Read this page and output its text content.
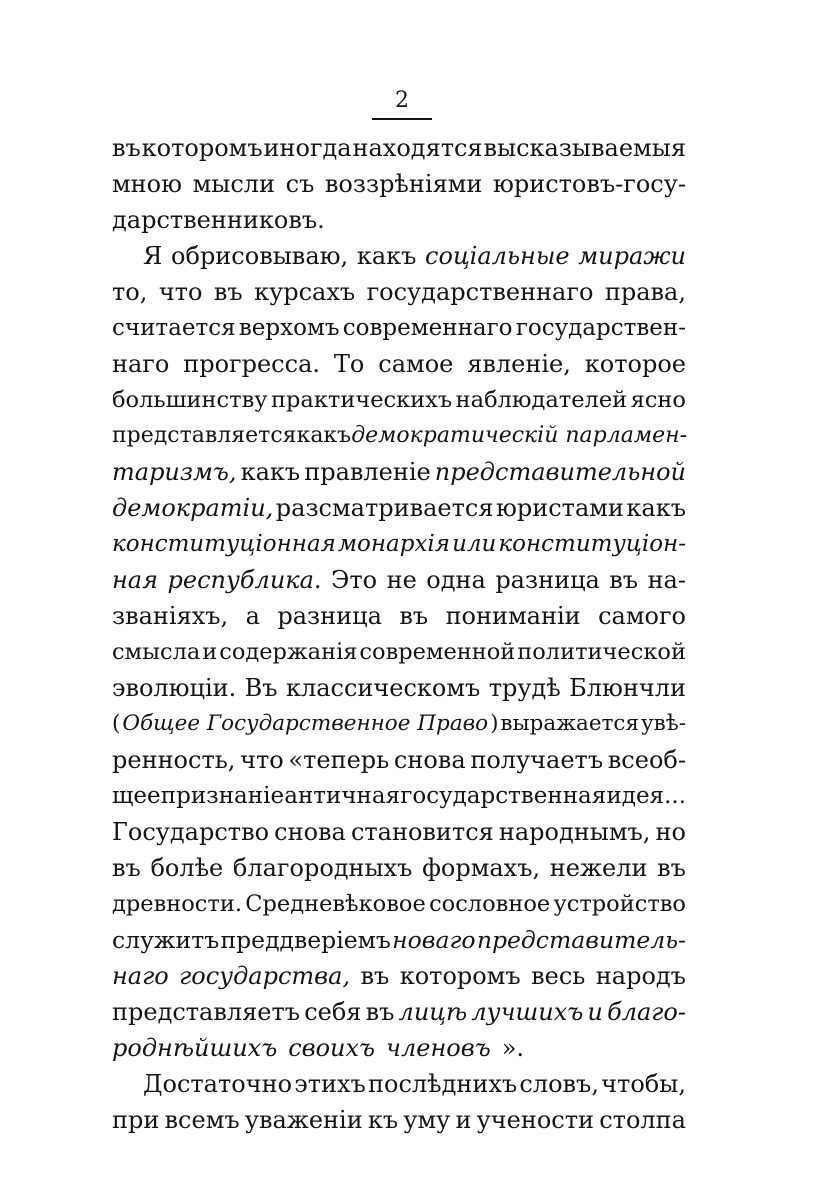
2
въ которомъ иногда находятся высказываемыя
мною мысли съ воззрѣніями юристовъ-госу-
дарственниковъ.
Я обрисовываю, какъ соціальные миражи
то, что въ курсахъ государственнаго права,
считается верхомъ современнаго государствен-
наго прогресса. То самое явленіе, которое
большинству практическихъ наблюдателей ясно
представляется какъ демократическій парламен-
таризмъ, какъ правленіе представительной
демократіи, разсматривается юристами какъ
конституціонная монархія или конституціон-
ная республика. Это не одна разница въ на-
званіяхъ, а разница въ пониманіи самого
смысла и содержанія современной политической
эволюціи. Въ классическомъ трудѣ Блюнчли
( Общее Государственное Право ) выражается увѣ-
ренность, что «теперь снова получаетъ всеоб-
щее признаніе античная государственная идея...
Государство снова становится народнымъ, но
въ болѣе благородныхъ формахъ, нежели въ
древности. Средневѣковое сословное устройство
служитъ преддверіемъ новаго представитель-
наго государства, въ которомъ весь народъ
представляетъ себя въ лицѣ лучшихъ и благо-
роднѣйшихъ своихъ членовъ ».
Достаточно этихъ послѣднихъ словъ, чтобы,
при всемъ уваженіи къ уму и учености столпа
